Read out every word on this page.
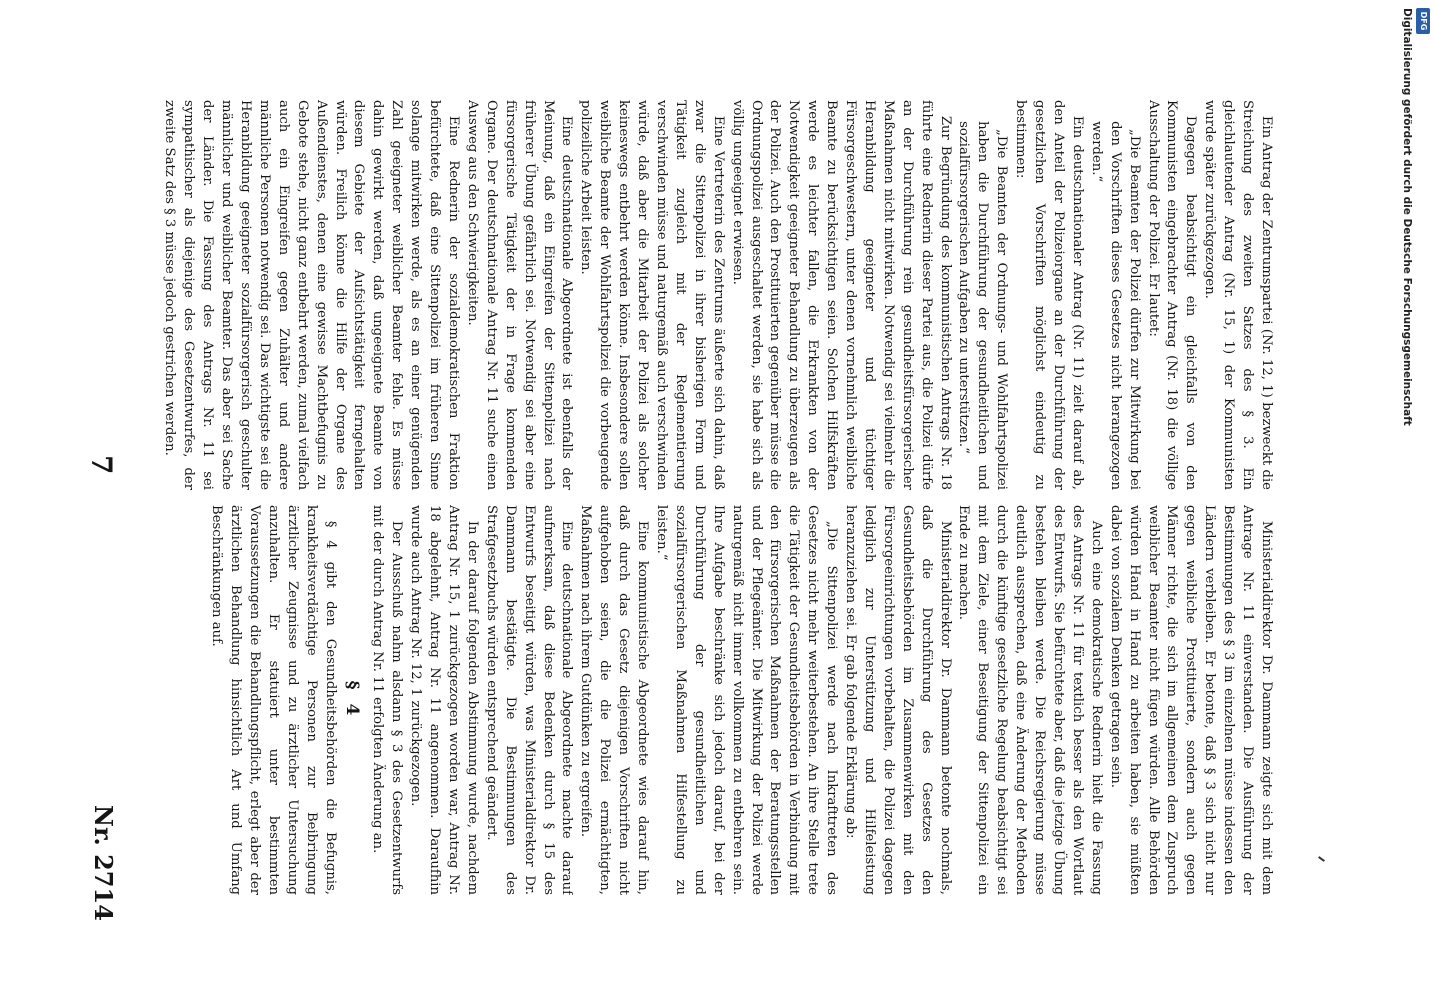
7
Nr. 2714

Ein Antrag der Zentrumspartei (Nr. 12, 1) bezweckt die Streichung des zweiten Satzes des § 3. Ein gleichlautender Antrag (Nr. 15, 1) der Kommunisten wurde später zurückgezogen.

Dagegen beabsichtigt ein gleichfalls von den Kommunisten eingebrachter Antrag (Nr. 18) die völlige Ausschaltung der Polizei. Er lautet:

„Die Beamten der Polizei dürfen zur Mitwirkung bei den Vorschriften dieses Gesetzes nicht herangezogen werden.“

Ein deutschnationaler Antrag (Nr. 11) zielt darauf ab, den Anteil der Polizeiorgane an der Durchführung der gesetzlichen Vorschriften möglichst eindeutig zu bestimmen:

„Die Beamten der Ordnungs- und Wohlfahrtspolizei haben die Durchführung der gesundheitlichen und sozialfürsorgerischen Aufgaben zu unterstützen.“

Zur Begründung des kommunistischen Antrags Nr. 18 führte eine Rednerin dieser Partei aus, die Polizei dürfe an der Durchführung rein gesundheitsfürsorgerischer Maßnahmen nicht mitwirken. Notwendig sei vielmehr die Heranbildung geeigneter und tüchtiger Fürsorgeschwestern, unter denen vornehmlich weibliche Beamte zu berücksichtigen seien. Solchen Hilfskräften werde es leichter fallen, die Erkrankten von der Notwendigkeit geeigneter Behandlung zu überzeugen als der Polizei. Auch den Prostituierten gegenüber müsse die Ordnungspolizei ausgeschaltet werden, sie habe sich als völlig ungeeignet erwiesen.

Eine Vertreterin des Zentrums äußerte sich dahin, daß zwar die Sittenpolizei in ihrer bisherigen Form und Tätigkeit zugleich mit der Reglementierung verschwinden müsse und naturgemäß auch verschwinden würde, daß aber die Mitarbeit der Polizei als solcher keineswegs entbehrt werden könne. Insbesondere sollen weibliche Beamte der Wohlfahrtspolizei die vorbeugende polizeiliche Arbeit leisten.

Eine deutschnationale Abgeordnete ist ebenfalls der Meinung, daß ein Eingreifen der Sittenpolizei nach früherer Übung gefährlich sei. Notwendig sei aber eine fürsorgerische Tätigkeit der in Frage kommenden Organe. Der deutschnationale Antrag Nr. 11 suche einen Ausweg aus den Schwierigkeiten.

Eine Rednerin der sozialdemokratischen Fraktion befürchtete, daß eine Sittenpolizei im früheren Sinne solange mitwirken werde, als es an einer genügenden Zahl geeigneter weiblicher Beamter fehle. Es müsse dahin gewirkt werden, daß ungeeignete Beamte von diesem Gebiete der Aufsichtstätigkeit ferngehalten würden. Freilich könne die Hilfe der Organe des Außendienstes, denen eine gewisse Machtbefugnis zu Gebote stehe, nicht ganz entbehrt werden, zumal vielfach auch ein Eingreifen gegen Zuhälter und andere männliche Personen notwendig sei. Das wichtigste sei die Heranbildung geeigneter sozialfürsorgerisch geschulter männlicher und weiblicher Beamter. Das aber sei Sache der Länder. Die Fassung des Antrags Nr. 11 sei sympathischer als diejenige des Gesetzentwurfes, der zweite Satz des § 3 müsse jedoch gestrichen werden.

Ministerialdirektor Dr. Dammann zeigte sich mit dem Antrage Nr. 11 einverstanden. Die Ausführung der Bestimmungen des § 3 im einzelnen müsse indessen den Ländern verbleiben. Er betonte, daß § 3 sich nicht nur gegen weibliche Prostituierte, sondern auch gegen Männer richte, die sich im allgemeinen dem Zuspruch weiblicher Beamter nicht fügen würden. Alle Behörden würden Hand in Hand zu arbeiten haben, sie müßten dabei von sozialem Denken getragen sein.

Auch eine demokratische Rednerin hielt die Fassung des Antrags Nr. 11 für textlich besser als den Wortlaut des Entwurfs. Sie befürchtete aber, daß die jetzige Übung bestehen bleiben werde. Die Reichsregierung müsse deutlich aussprechen, daß eine Änderung der Methoden durch die künftige gesetzliche Regelung beabsichtigt sei mit dem Ziele, einer Beseitigung der Sittenpolizei ein Ende zu machen.

Ministerialdirektor Dr. Dammann betonte nochmals, daß die Durchführung des Gesetzes den Gesundheitsbehörden im Zusammenwirken mit den Fürsorgeeinrichtungen vorbehalten, die Polizei dagegen lediglich zur Unterstützung und Hilfeleistung heranzuziehen sei. Er gab folgende Erklärung ab:

„Die Sittenpolizei werde nach Inkrafttreten des Gesetzes nicht mehr weiterbestehen. An ihre Stelle trete die Tätigkeit der Gesundheitsbehörden in Verbindung mit den fürsorgerischen Maßnahmen der Beratungsstellen und der Pflegeämter. Die Mitwirkung der Polizei werde naturgemäß nicht immer vollkommen zu entbehren sein. Ihre Aufgabe beschränke sich jedoch darauf, bei der Durchführung der gesundheitlichen und sozialfürsorgerischen Maßnahmen Hilfestellung zu leisten.“

Eine kommunistische Abgeordnete wies darauf hin, daß durch das Gesetz diejenigen Vorschriften nicht aufgehoben seien, die die Polizei ermächtigten, Maßnahmen nach ihrem Gutdünken zu ergreifen.

Eine deutschnationale Abgeordnete machte darauf aufmerksam, daß diese Bedenken durch § 15 des Entwurfs beseitigt würden, was Ministerialdirektor Dr. Dammann bestätigte. Die Bestimmungen des Strafgesetzbuchs würden entsprechend geändert.

In der darauf folgenden Abstimmung wurde, nachdem Antrag Nr. 15, 1 zurückgezogen worden war, Antrag Nr. 18 abgelehnt, Antrag Nr. 11 angenommen. Daraufhin wurde auch Antrag Nr. 12, 1 zurückgezogen.

Der Ausschuß nahm alsdann § 3 des Gesetzentwurfs mit der durch Antrag Nr. 11 erfolgten Änderung an.

§ 4

§ 4 gibt den Gesundheitsbehörden die Befugnis, krankheitsverdächtige Personen zur Beibringung ärztlicher Zeugnisse und zu ärztlicher Untersuchung anzuhalten. Er statuiert unter bestimmten Voraussetzungen die Behandlungspflicht, erlegt aber der ärztlichen Behandlung hinsichtlich Art und Umfang Beschränkungen auf.

Digitalisierung gefördert durch die Deutsche Forschungsgemeinschaft DFG
